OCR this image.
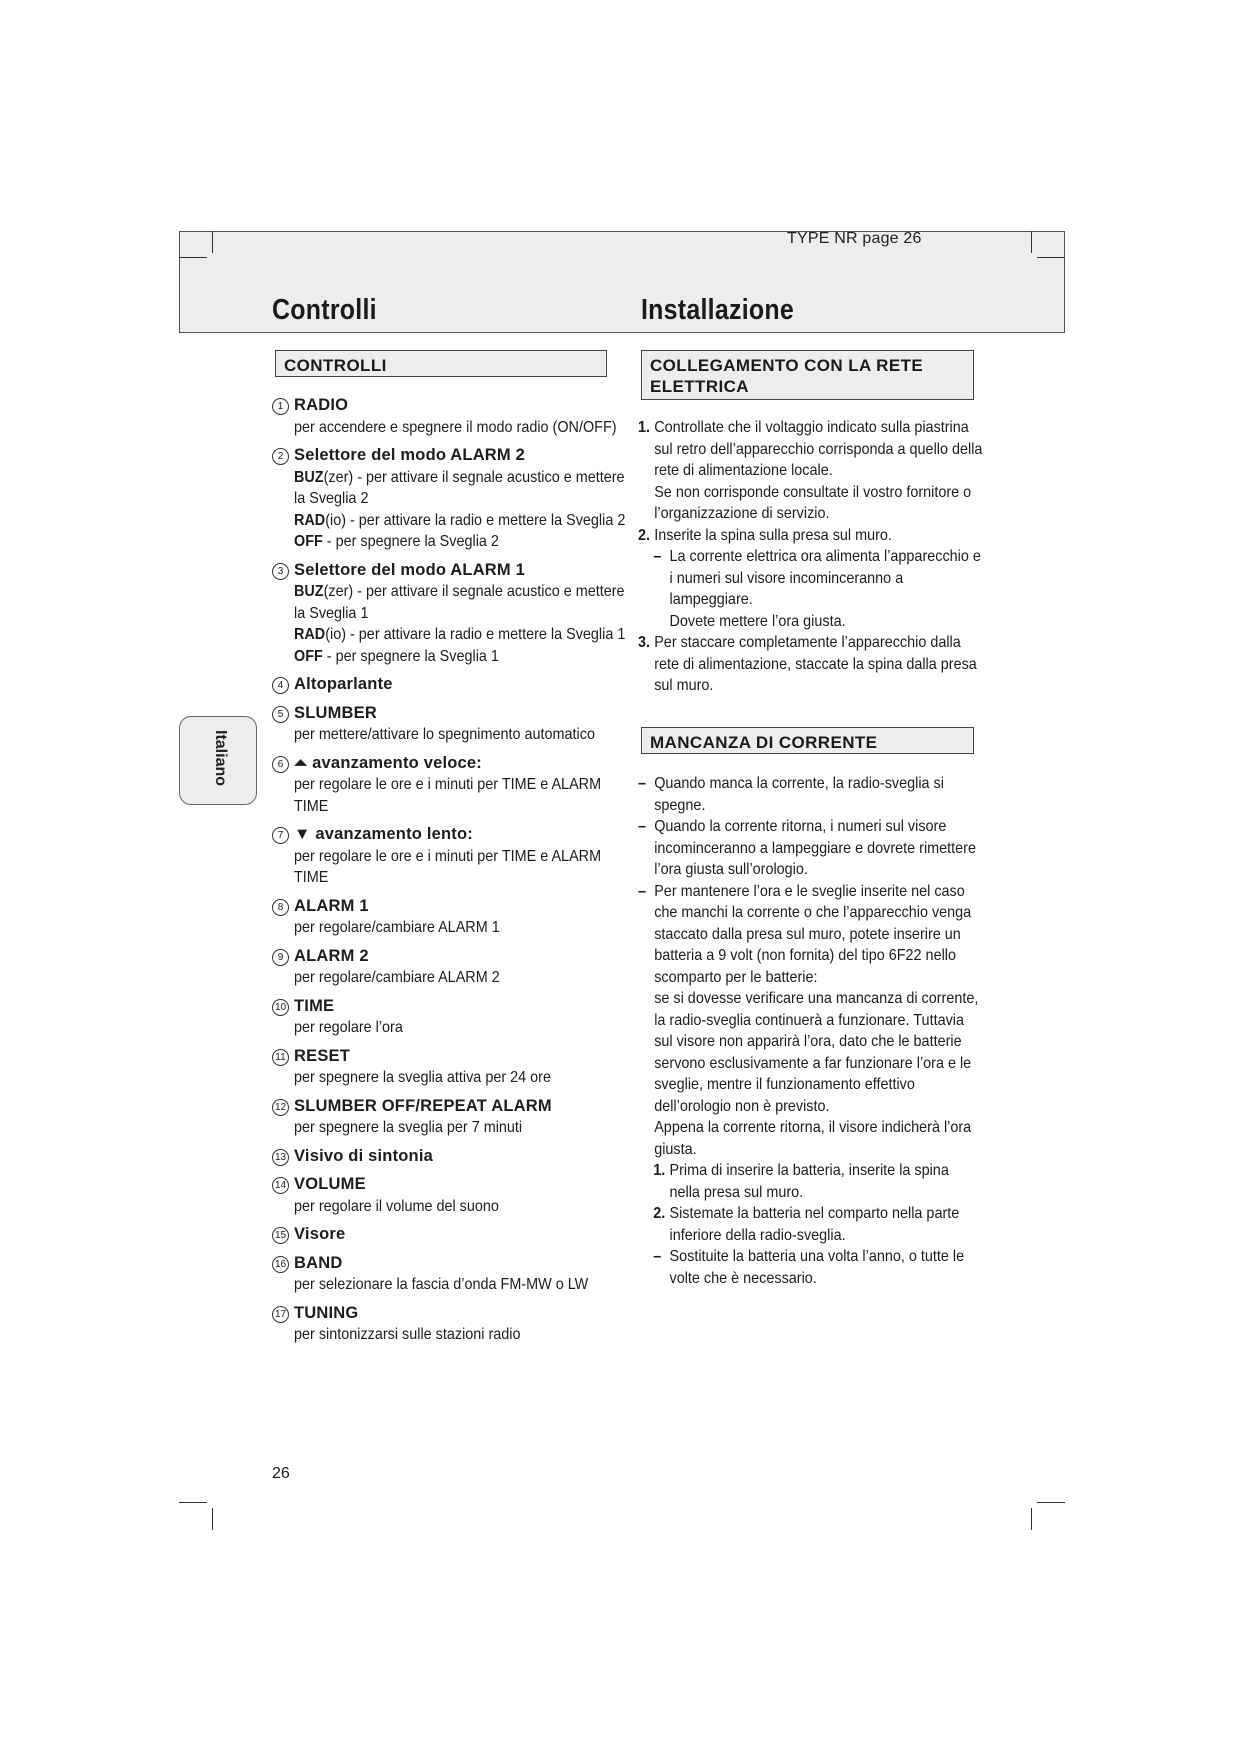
TYPE NR page 26
Controlli	Installazione
Italiano
CONTROLLI
1 RADIO
per accendere e spegnere il modo radio (ON/OFF)
2 Selettore del modo ALARM 2
BUZ(zer) - per attivare il segnale acustico e mettere
la Sveglia 2
RAD(io) - per attivare la radio e mettere la Sveglia 2
OFF - per spegnere la Sveglia 2
3 Selettore del modo ALARM 1
BUZ(zer) - per attivare il segnale acustico e mettere
la Sveglia 1
RAD(io) - per attivare la radio e mettere la Sveglia 1
OFF - per spegnere la Sveglia 1
4 Altoparlante
5 SLUMBER
per mettere/attivare lo spegnimento automatico
6 ⏶ avanzamento veloce:
per regolare le ore e i minuti per TIME e ALARM
TIME
7 ▼ avanzamento lento:
per regolare le ore e i minuti per TIME e ALARM
TIME
8 ALARM 1
per regolare/cambiare ALARM 1
9 ALARM 2
per regolare/cambiare ALARM 2
10 TIME
per regolare l’ora
11 RESET
per spegnere la sveglia attiva per 24 ore
12 SLUMBER OFF/REPEAT ALARM
per spegnere la sveglia per 7 minuti
13 Visivo di sintonia
14 VOLUME
per regolare il volume del suono
15 Visore
16 BAND
per selezionare la fascia d’onda FM-MW o LW
17 TUNING
per sintonizzarsi sulle stazioni radio
COLLEGAMENTO CON LA RETE
ELETTRICA
1. Controllate che il voltaggio indicato sulla piastrina
sul retro dell’apparecchio corrisponda a quello della
rete di alimentazione locale.
Se non corrisponde consultate il vostro fornitore o
l’organizzazione di servizio.
2. Inserite la spina sulla presa sul muro.
– La corrente elettrica ora alimenta l’apparecchio e
i numeri sul visore incominceranno a
lampeggiare.
Dovete mettere l’ora giusta.
3. Per staccare completamente l’apparecchio dalla
rete di alimentazione, staccate la spina dalla presa
sul muro.
MANCANZA DI CORRENTE
– Quando manca la corrente, la radio-sveglia si
spegne.
– Quando la corrente ritorna, i numeri sul visore
incominceranno a lampeggiare e dovrete rimettere
l’ora giusta sull’orologio.
– Per mantenere l’ora e le sveglie inserite nel caso
che manchi la corrente o che l’apparecchio venga
staccato dalla presa sul muro, potete inserire un
batteria a 9 volt (non fornita) del tipo 6F22 nello
scomparto per le batterie:
se si dovesse verificare una mancanza di corrente,
la radio-sveglia continuerà a funzionare. Tuttavia
sul visore non apparirà l’ora, dato che le batterie
servono esclusivamente a far funzionare l’ora e le
sveglie, mentre il funzionamento effettivo
dell’orologio non è previsto.
Appena la corrente ritorna, il visore indicherà l’ora
giusta.
1. Prima di inserire la batteria, inserite la spina
nella presa sul muro.
2. Sistemate la batteria nel comparto nella parte
inferiore della radio-sveglia.
– Sostituite la batteria una volta l’anno, o tutte le
volte che è necessario.
26
